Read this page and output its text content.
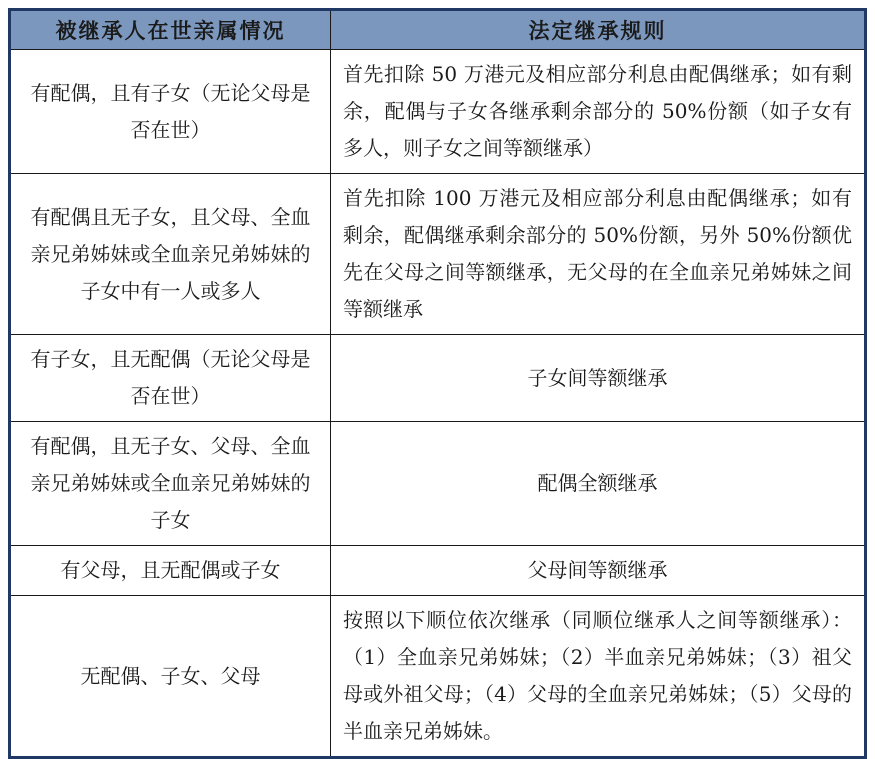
被继承人在世亲属情况	法定继承规则
有配偶，且有子女（无论父母是否在世）	首先扣除 50 万港元及相应部分利息由配偶继承；如有剩余，配偶与子女各继承剩余部分的 50%份额（如子女有多人，则子女之间等额继承）
有配偶且无子女，且父母、全血亲兄弟姊妹或全血亲兄弟姊妹的子女中有一人或多人	首先扣除 100 万港元及相应部分利息由配偶继承；如有剩余，配偶继承剩余部分的 50%份额，另外 50%份额优先在父母之间等额继承，无父母的在全血亲兄弟姊妹之间等额继承
有子女，且无配偶（无论父母是否在世）	子女间等额继承
有配偶，且无子女、父母、全血亲兄弟姊妹或全血亲兄弟姊妹的子女	配偶全额继承
有父母，且无配偶或子女	父母间等额继承
无配偶、子女、父母	按照以下顺位依次继承（同顺位继承人之间等额继承）：（1）全血亲兄弟姊妹；（2）半血亲兄弟姊妹；（3）祖父母或外祖父母；（4）父母的全血亲兄弟姊妹；（5）父母的半血亲兄弟姊妹。
